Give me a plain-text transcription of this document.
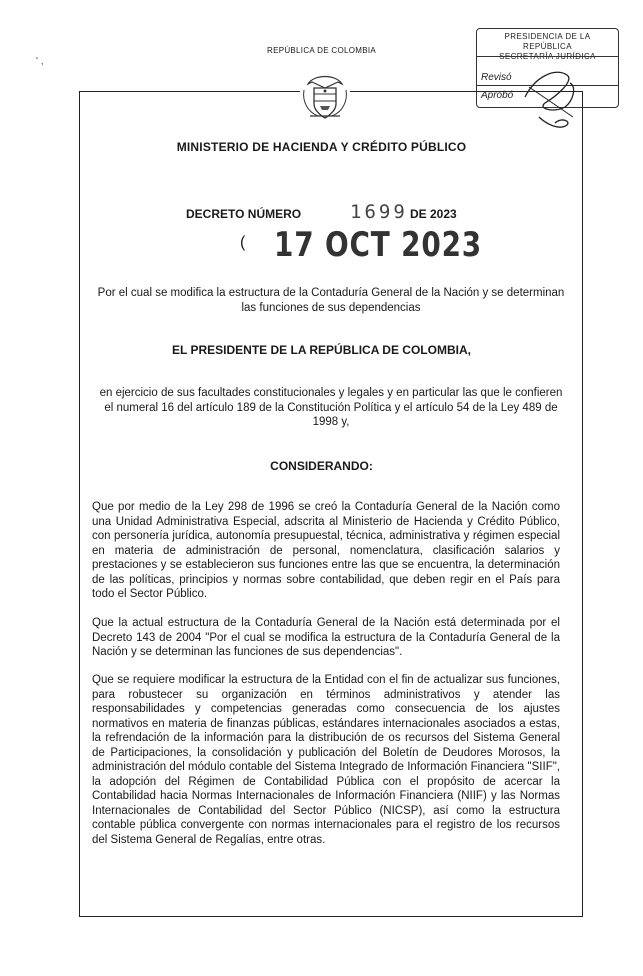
' ,
REPÚBLICA DE COLOMBIA
PRESIDENCIA DE LA REPÚBLICA
SECRETARÍA JURÍDICA
Revisó
Aprobó
MINISTERIO DE HACIENDA Y CRÉDITO PÚBLICO
DECRETO NÚMERO	1699 DE 2023
( 17 OCT 2023
Por el cual se modifica la estructura de la Contaduría General de la Nación y se determinan las funciones de sus dependencias
EL PRESIDENTE DE LA REPÚBLICA DE COLOMBIA,
en ejercicio de sus facultades constitucionales y legales y en particular las que le confieren el numeral 16 del artículo 189 de la Constitución Política y el artículo 54 de la Ley 489 de 1998 y,
CONSIDERANDO:
Que por medio de la Ley 298 de 1996 se creó la Contaduría General de la Nación como una Unidad Administrativa Especial, adscrita al Ministerio de Hacienda y Crédito Público, con personería jurídica, autonomía presupuestal, técnica, administrativa y régimen especial en materia de administración de personal, nomenclatura, clasificación salarios y prestaciones y se establecieron sus funciones entre las que se encuentra, la determinación de las políticas, principios y normas sobre contabilidad, que deben regir en el País para todo el Sector Público.
Que la actual estructura de la Contaduría General de la Nación está determinada por el Decreto 143 de 2004 "Por el cual se modifica la estructura de la Contaduría General de la Nación y se determinan las funciones de sus dependencias".
Que se requiere modificar la estructura de la Entidad con el fin de actualizar sus funciones, para robustecer su organización en términos administrativos y atender las responsabilidades y competencias generadas como consecuencia de los ajustes normativos en materia de finanzas públicas, estándares internacionales asociados a estas, la refrendación de la información para la distribución de os recursos del Sistema General de Participaciones, la consolidación y publicación del Boletín de Deudores Morosos, la administración del módulo contable del Sistema Integrado de Información Financiera "SIIF", la adopción del Régimen de Contabilidad Pública con el propósito de acercar la Contabilidad hacia Normas Internacionales de Información Financiera (NIIF) y las Normas Internacionales de Contabilidad del Sector Público (NICSP), así como la estructura contable pública convergente con normas internacionales para el registro de los recursos del Sistema General de Regalías, entre otras.
